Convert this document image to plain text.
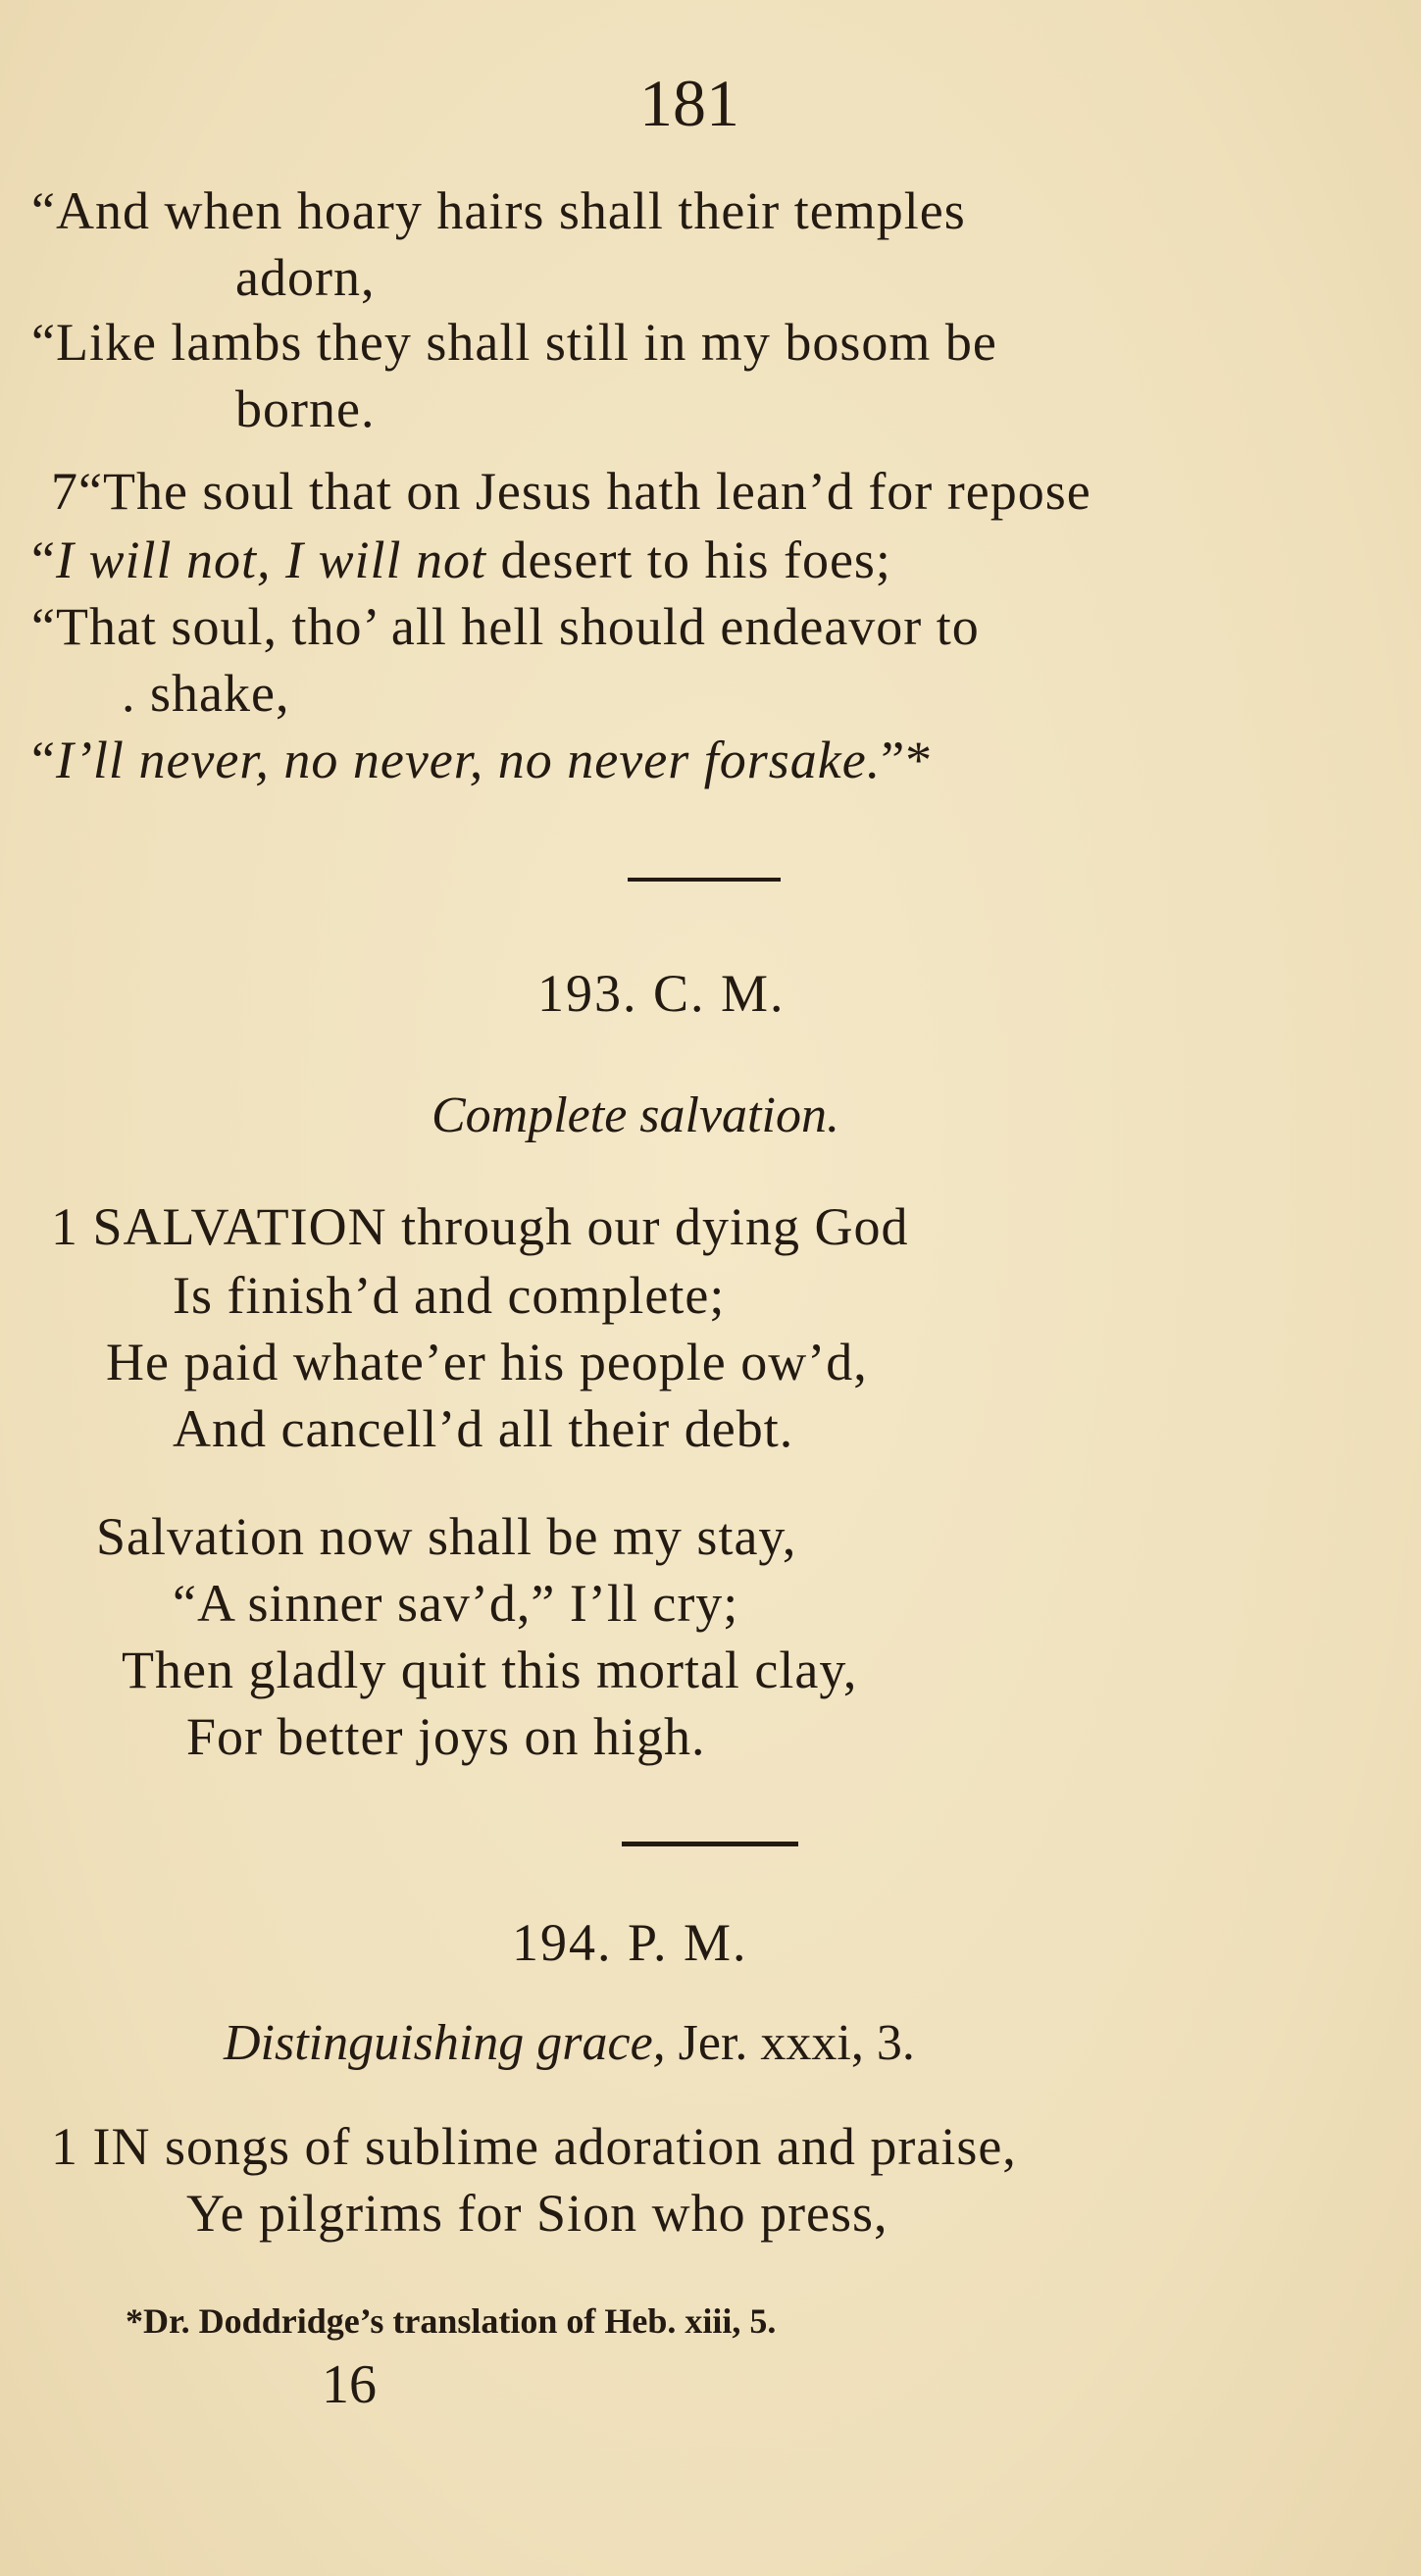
181
“And when hoary hairs shall their temples
adorn,
“Like lambs they shall still in my bosom be
borne.
7“The soul that on Jesus hath lean’d for repose
“I will not, I will not desert to his foes;
“That soul, tho’ all hell should endeavor to
. shake,
“I’ll never, no never, no never forsake.”*
193. C. M.
Complete salvation.
1 SALVATION through our dying God
Is finish’d and complete;
He paid whate’er his people ow’d,
And cancell’d all their debt.
Salvation now shall be my stay,
“A sinner sav’d,” I’ll cry;
Then gladly quit this mortal clay,
For better joys on high.
194. P. M.
Distinguishing grace, Jer. xxxi, 3.
1 IN songs of sublime adoration and praise,
Ye pilgrims for Sion who press,
*Dr. Doddridge’s translation of Heb. xiii, 5.
16
